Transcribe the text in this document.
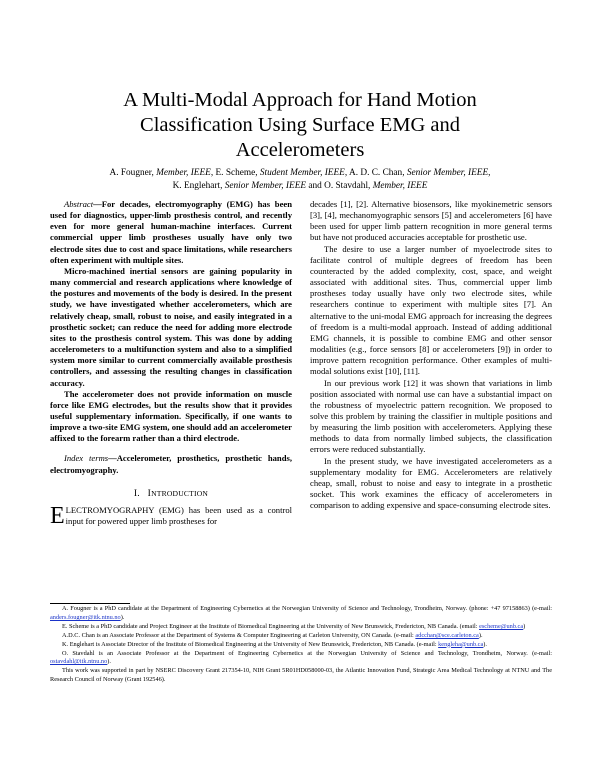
A Multi-Modal Approach for Hand Motion
Classification Using Surface EMG and
Accelerometers
A. Fougner, Member, IEEE, E. Scheme, Student Member, IEEE, A. D. C. Chan, Senior Member, IEEE,
K. Englehart, Senior Member, IEEE and O. Stavdahl, Member, IEEE

Abstract—For decades, electromyography (EMG) has been used for diagnostics, upper-limb prosthesis control, and recently even for more general human-machine interfaces. Current commercial upper limb prostheses usually have only two electrode sites due to cost and space limitations, while researchers often experiment with multiple sites.

Micro-machined inertial sensors are gaining popularity in many commercial and research applications where knowledge of the postures and movements of the body is desired. In the present study, we have investigated whether accelerometers, which are relatively cheap, small, robust to noise, and easily integrated in a prosthetic socket; can reduce the need for adding more electrode sites to the prosthesis control system. This was done by adding accelerometers to a multifunction system and also to a simplified system more similar to current commercially available prosthesis controllers, and assessing the resulting changes in classification accuracy.

The accelerometer does not provide information on muscle force like EMG electrodes, but the results show that it provides useful supplementary information. Specifically, if one wants to improve a two-site EMG system, one should add an accelerometer affixed to the forearm rather than a third electrode.

Index terms—Accelerometer, prosthetics, prosthetic hands, electromyography.

I. INTRODUCTION

ELECTROMYOGRAPHY (EMG) has been used as a control input for powered upper limb prostheses for

decades [1], [2]. Alternative biosensors, like myokinemetric sensors [3], [4], mechanomyographic sensors [5] and accelerometers [6] have been used for upper limb pattern recognition in more general terms but have not produced accuracies acceptable for prosthetic use.

The desire to use a larger number of myoelectrode sites to facilitate control of multiple degrees of freedom has been counteracted by the added complexity, cost, space, and weight associated with additional sites. Thus, commercial upper limb prostheses today usually have only two electrode sites, while researchers continue to experiment with multiple sites [7]. An alternative to the uni-modal EMG approach for increasing the degrees of freedom is a multi-modal approach. Instead of adding additional EMG channels, it is possible to combine EMG and other sensor modalities (e.g., force sensors [8] or accelerometers [9]) in order to improve pattern recognition performance. Other examples of multi-modal solutions exist [10], [11].

In our previous work [12] it was shown that variations in limb position associated with normal use can have a substantial impact on the robustness of myoelectric pattern recognition. We proposed to solve this problem by training the classifier in multiple positions and by measuring the limb position with accelerometers. Applying these methods to data from normally limbed subjects, the classification errors were reduced substantially.

In the present study, we have investigated accelerometers as a supplementary modality for EMG. Accelerometers are relatively cheap, small, robust to noise and easy to integrate in a prosthetic socket. This work examines the efficacy of accelerometers in comparison to adding expensive and space-consuming electrode sites.

A. Fougner is a PhD candidate at the Department of Engineering Cybernetics at the Norwegian University of Science and Technology, Trondheim, Norway. (phone: +47 97158863) (e-mail: anders.fougner@itk.ntnu.no).

E. Scheme is a PhD candidate and Project Engineer at the Institute of Biomedical Engineering at the University of New Brunswick, Fredericton, NB Canada. (email: escheme@unb.ca)

A.D.C. Chan is an Associate Professor at the Department of Systems & Computer Engineering at Carleton University, ON Canada. (e-mail: adcchan@sce.carleton.ca).

K. Englehart is Associate Director of the Institute of Biomedical Engineering at the University of New Brunswick, Fredericton, NB Canada. (e-mail: kengleha@unb.ca).

O. Stavdahl is an Associate Professor at the Department of Engineering Cybernetics at the Norwegian University of Science and Technology, Trondheim, Norway. (e-mail: ostavdahl@itk.ntnu.no).

This work was supported in part by NSERC Discovery Grant 217354-10, NIH Grant 5R01HD058000-03, the Atlantic Innovation Fund, Strategic Area Medical Technology at NTNU and The Research Council of Norway (Grant 192546).
